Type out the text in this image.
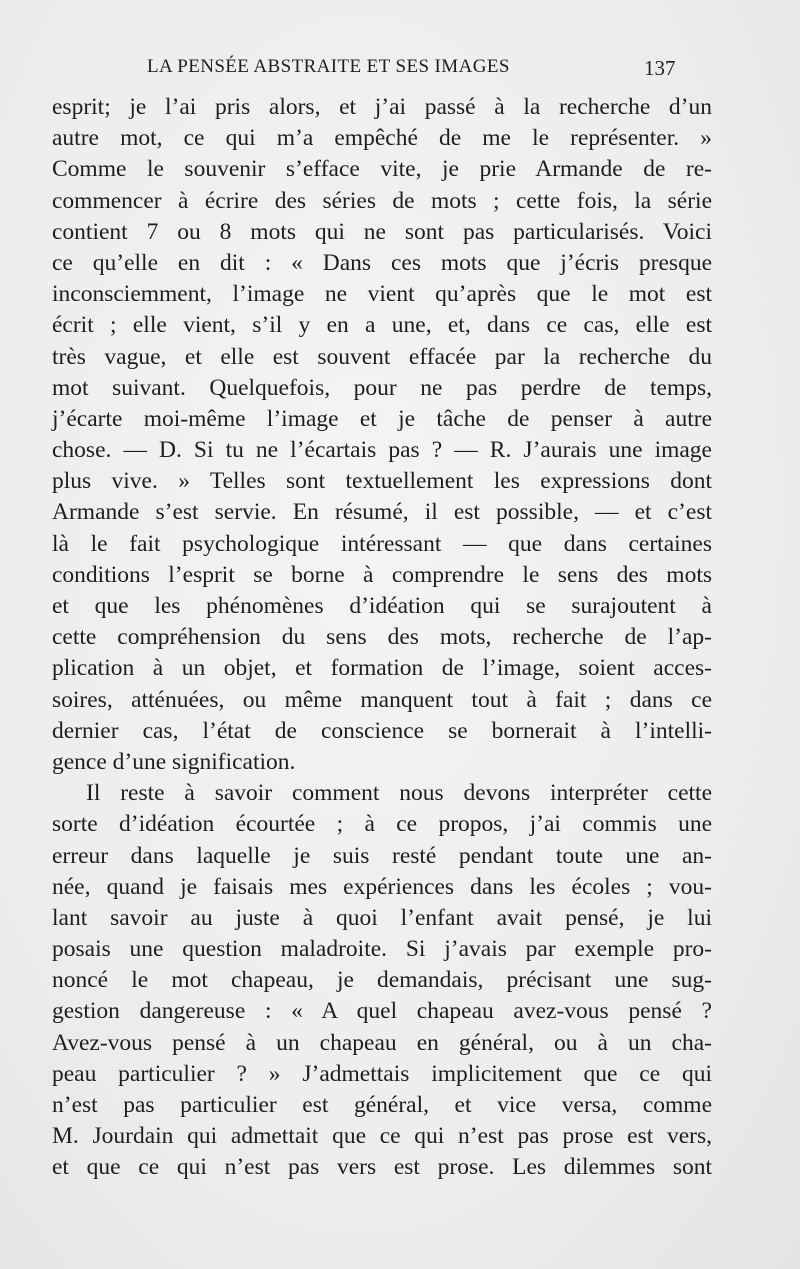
LA PENSÉE ABSTRAITE ET SES IMAGES	137
esprit; je l’ai pris alors, et j’ai passé à la recherche d’un
autre mot, ce qui m’a empêché de me le représenter. »
Comme le souvenir s’efface vite, je prie Armande de re-
commencer à écrire des séries de mots ; cette fois, la série
contient 7 ou 8 mots qui ne sont pas particularisés. Voici
ce qu’elle en dit : « Dans ces mots que j’écris presque
inconsciemment, l’image ne vient qu’après que le mot est
écrit ; elle vient, s’il y en a une, et, dans ce cas, elle est
très vague, et elle est souvent effacée par la recherche du
mot suivant. Quelquefois, pour ne pas perdre de temps,
j’écarte moi-même l’image et je tâche de penser à autre
chose. — D. Si tu ne l’écartais pas ? — R. J’aurais une image
plus vive. » Telles sont textuellement les expressions dont
Armande s’est servie. En résumé, il est possible, — et c’est
là le fait psychologique intéressant — que dans certaines
conditions l’esprit se borne à comprendre le sens des mots
et que les phénomènes d’idéation qui se surajoutent à
cette compréhension du sens des mots, recherche de l’ap-
plication à un objet, et formation de l’image, soient acces-
soires, atténuées, ou même manquent tout à fait ; dans ce
dernier cas, l’état de conscience se bornerait à l’intelli-
gence d’une signification.
Il reste à savoir comment nous devons interpréter cette
sorte d’idéation écourtée ; à ce propos, j’ai commis une
erreur dans laquelle je suis resté pendant toute une an-
née, quand je faisais mes expériences dans les écoles ; vou-
lant savoir au juste à quoi l’enfant avait pensé, je lui
posais une question maladroite. Si j’avais par exemple pro-
noncé le mot chapeau, je demandais, précisant une sug-
gestion dangereuse : « A quel chapeau avez-vous pensé ?
Avez-vous pensé à un chapeau en général, ou à un cha-
peau particulier ? » J’admettais implicitement que ce qui
n’est pas particulier est général, et vice versa, comme
M. Jourdain qui admettait que ce qui n’est pas prose est vers,
et que ce qui n’est pas vers est prose. Les dilemmes sont
